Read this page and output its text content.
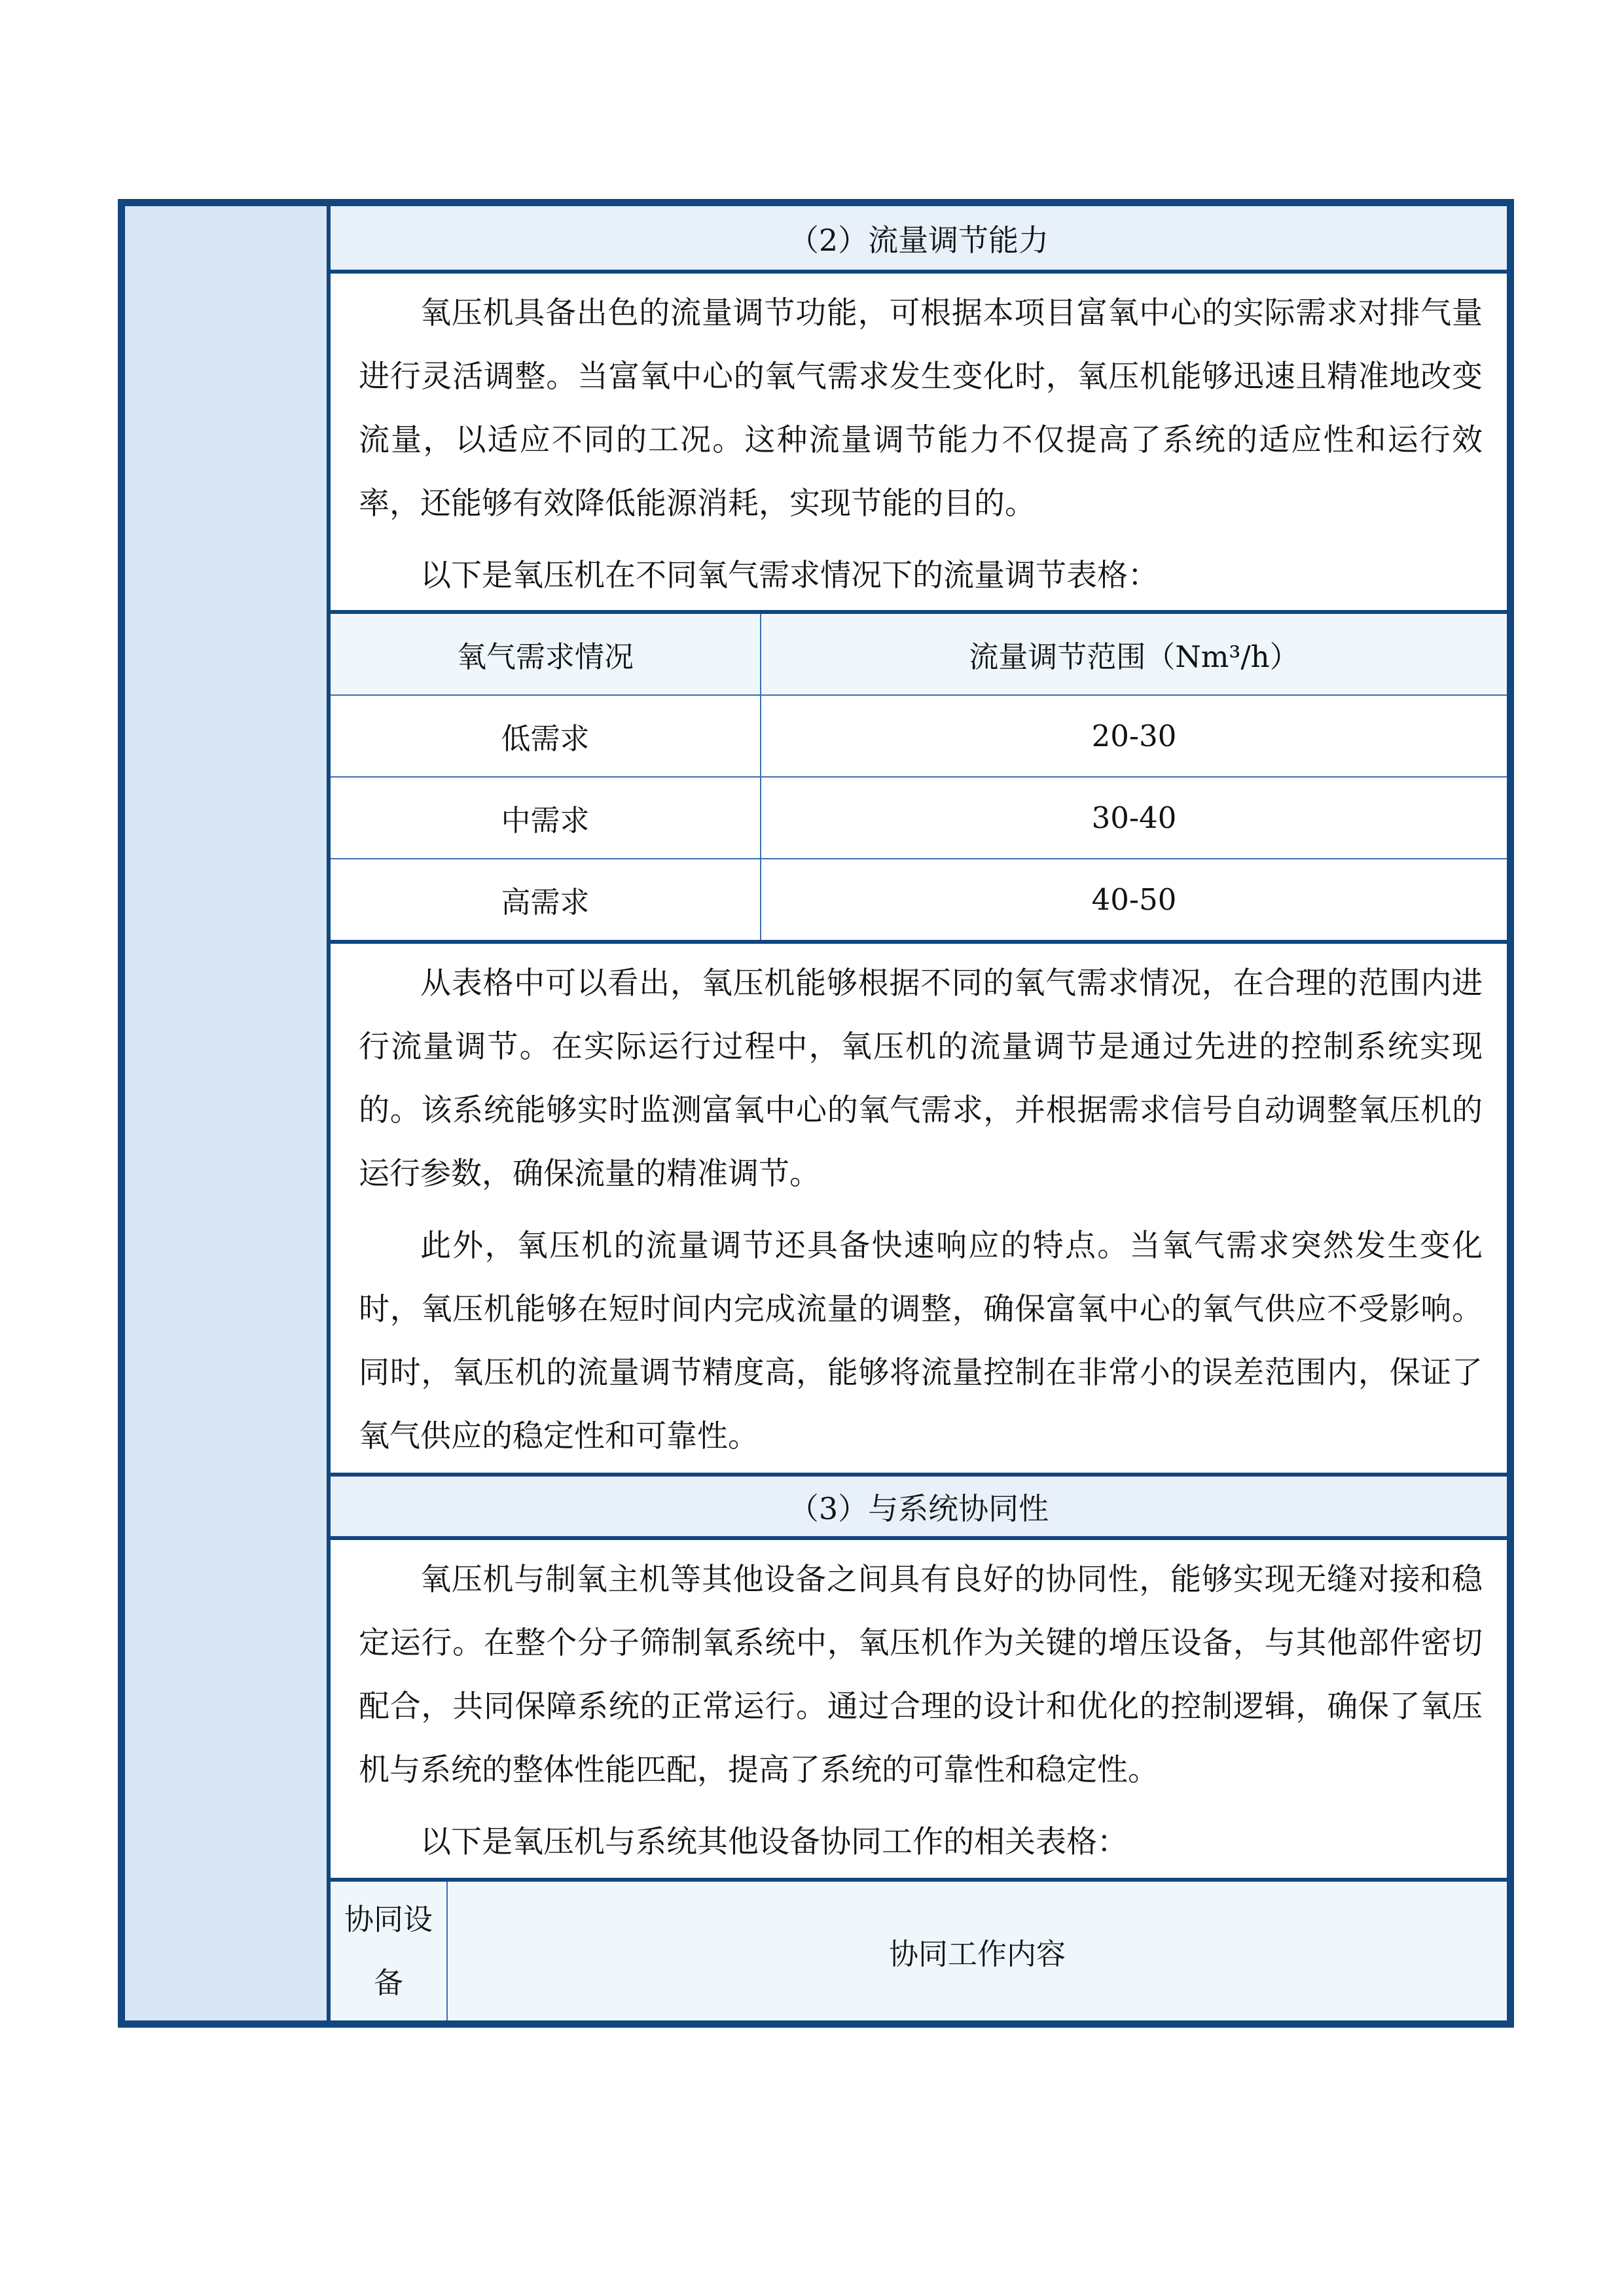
（2）流量调节能力

氧压机具备出色的流量调节功能，可根据本项目富氧中心的实际需求对排气量进行灵活调整。当富氧中心的氧气需求发生变化时，氧压机能够迅速且精准地改变流量，以适应不同的工况。这种流量调节能力不仅提高了系统的适应性和运行效率，还能够有效降低能源消耗，实现节能的目的。

以下是氧压机在不同氧气需求情况下的流量调节表格：

氧气需求情况	流量调节范围（Nm³/h）
低需求	20-30
中需求	30-40
高需求	40-50

从表格中可以看出，氧压机能够根据不同的氧气需求情况，在合理的范围内进行流量调节。在实际运行过程中，氧压机的流量调节是通过先进的控制系统实现的。该系统能够实时监测富氧中心的氧气需求，并根据需求信号自动调整氧压机的运行参数，确保流量的精准调节。

此外，氧压机的流量调节还具备快速响应的特点。当氧气需求突然发生变化时，氧压机能够在短时间内完成流量的调整，确保富氧中心的氧气供应不受影响。同时，氧压机的流量调节精度高，能够将流量控制在非常小的误差范围内，保证了氧气供应的稳定性和可靠性。

（3）与系统协同性

氧压机与制氧主机等其他设备之间具有良好的协同性，能够实现无缝对接和稳定运行。在整个分子筛制氧系统中，氧压机作为关键的增压设备，与其他部件密切配合，共同保障系统的正常运行。通过合理的设计和优化的控制逻辑，确保了氧压机与系统的整体性能匹配，提高了系统的可靠性和稳定性。

以下是氧压机与系统其他设备协同工作的相关表格：

协同设备	协同工作内容
